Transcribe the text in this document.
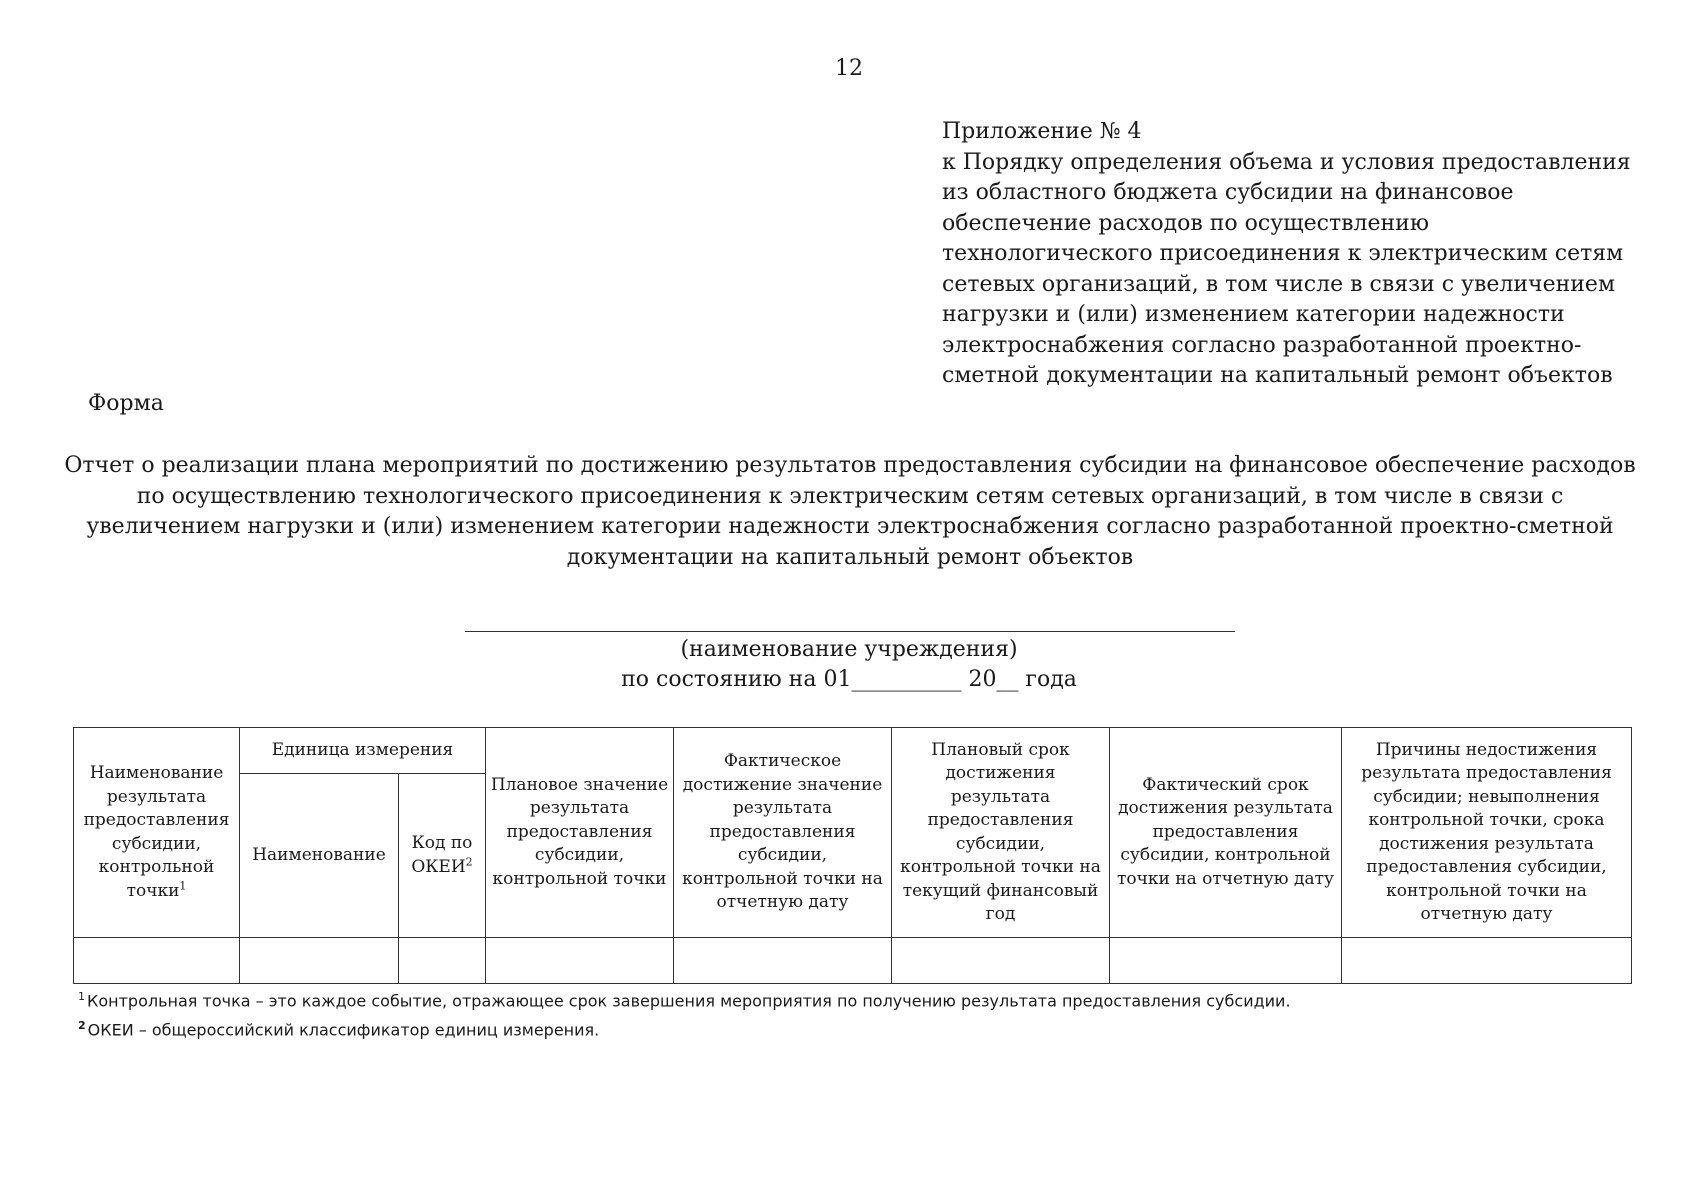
12
Приложение № 4
к Порядку определения объема и условия предоставления
из областного бюджета субсидии на финансовое
обеспечение расходов по осуществлению
технологического присоединения к электрическим сетям
сетевых организаций, в том числе в связи с увеличением
нагрузки и (или) изменением категории надежности
электроснабжения согласно разработанной проектно-
сметной документации на капитальный ремонт объектов
Форма
Отчет о реализации плана мероприятий по достижению результатов предоставления субсидии на финансовое обеспечение расходов
по осуществлению технологического присоединения к электрическим сетям сетевых организаций, в том числе в связи с
увеличением нагрузки и (или) изменением категории надежности электроснабжения согласно разработанной проектно-сметной
документации на капитальный ремонт объектов
(наименование учреждения)
по состоянию на 01__________ 20__ года
Наименование результата предоставления субсидии, контрольной точки$^1$	Единица измерения		Плановое значение результата предоставления субсидии, контрольной точки	Фактическое достижение значение результата предоставления субсидии, контрольной точки на отчетную дату	Плановый срок достижения результата предоставления субсидии, контрольной точки на текущий финансовый год	Фактический срок достижения результата предоставления субсидии, контрольной точки на отчетную дату	Причины недостижения результата предоставления субсидии; невыполнения контрольной точки, срока достижения результата предоставления субсидии, контрольной точки на отчетную дату
	Наименование	Код по ОКЕИ$^2$

$^1$ Контрольная точка – это каждое событие, отражающее срок завершения мероприятия по получению результата предоставления субсидии.
$^2$ ОКЕИ – общероссийский классификатор единиц измерения.
